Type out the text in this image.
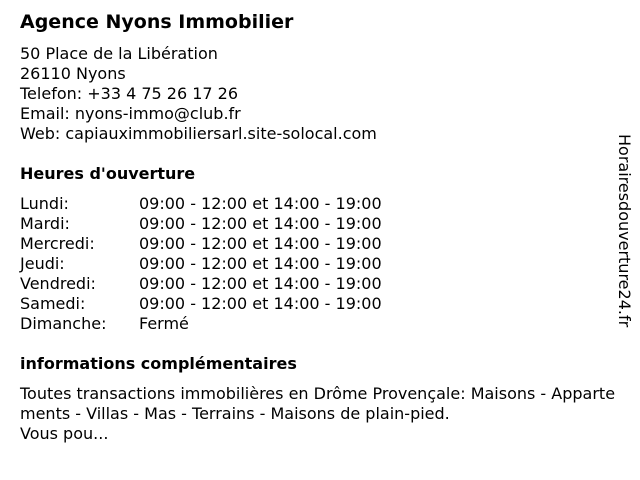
Agence Nyons Immobilier
50 Place de la Libération
26110 Nyons
Telefon: +33 4 75 26 17 26
Email: nyons-immo@club.fr
Web: capiauximmobiliersarl.site-solocal.com
Heures d'ouverture
Lundi:	09:00 - 12:00 et 14:00 - 19:00
Mardi:	09:00 - 12:00 et 14:00 - 19:00
Mercredi:	09:00 - 12:00 et 14:00 - 19:00
Jeudi:	09:00 - 12:00 et 14:00 - 19:00
Vendredi:	09:00 - 12:00 et 14:00 - 19:00
Samedi:	09:00 - 12:00 et 14:00 - 19:00
Dimanche: Fermé
informations complémentaires
Toutes transactions immobilières en Drôme Provençale: Maisons - Appartements - Villas - Mas - Terrains - Maisons de plain-pied.
Vous pou...
Horairesdouverture24.fr
